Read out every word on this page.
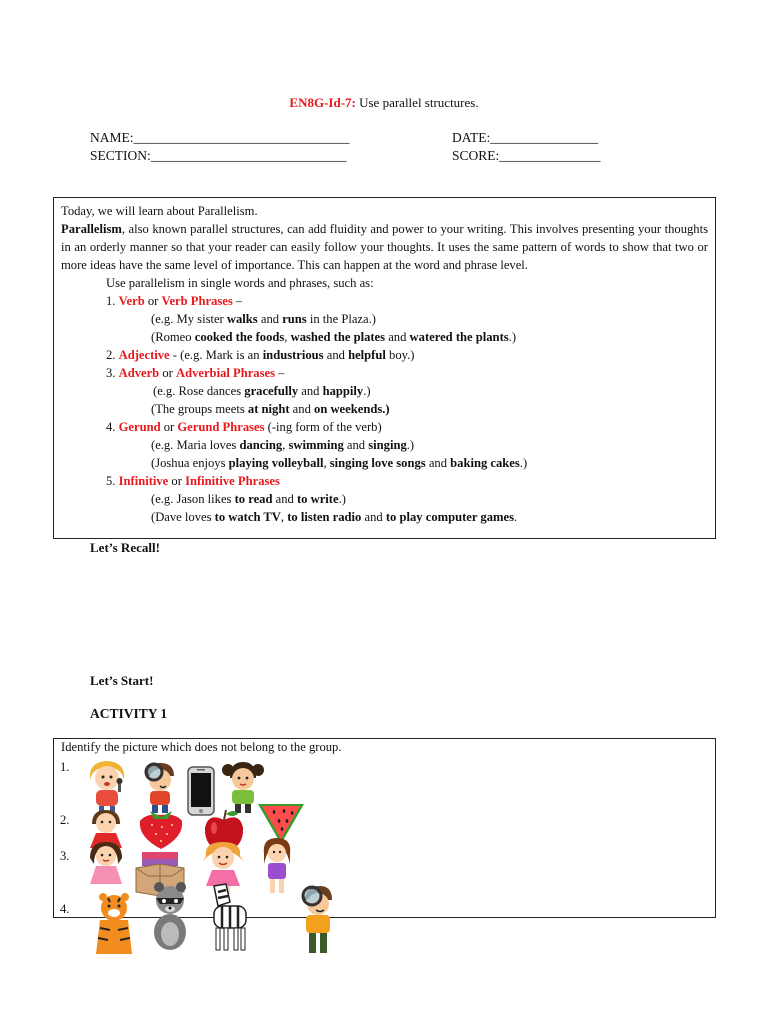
EN8G-Id-7: Use parallel structures.
NAME:________________________________
SECTION:_____________________________
DATE:________________
SCORE:_______________
Today, we will learn about Parallelism.
Parallelism, also known parallel structures, can add fluidity and power to your writing. This involves presenting your thoughts in an orderly manner so that your reader can easily follow your thoughts. It uses the same pattern of words to show that two or more ideas have the same level of importance. This can happen at the word and phrase level.
Use parallelism in single words and phrases, such as:
1. Verb or Verb Phrases –
(e.g. My sister walks and runs in the Plaza.)
(Romeo cooked the foods, washed the plates and watered the plants.)
2. Adjective - (e.g. Mark is an industrious and helpful boy.)
3. Adverb or Adverbial Phrases –
(e.g. Rose dances gracefully and happily.)
(The groups meets at night and on weekends.)
4. Gerund or Gerund Phrases (-ing form of the verb)
(e.g. Maria loves dancing, swimming and singing.)
(Joshua enjoys playing volleyball, singing love songs and baking cakes.)
5. Infinitive or Infinitive Phrases
(e.g. Jason likes to read and to write.)
(Dave loves to watch TV, to listen radio and to play computer games.
Let’s Recall!
Let’s Start!
ACTIVITY 1
Identify the picture which does not belong to the group.
1.
2.
3.
4.
